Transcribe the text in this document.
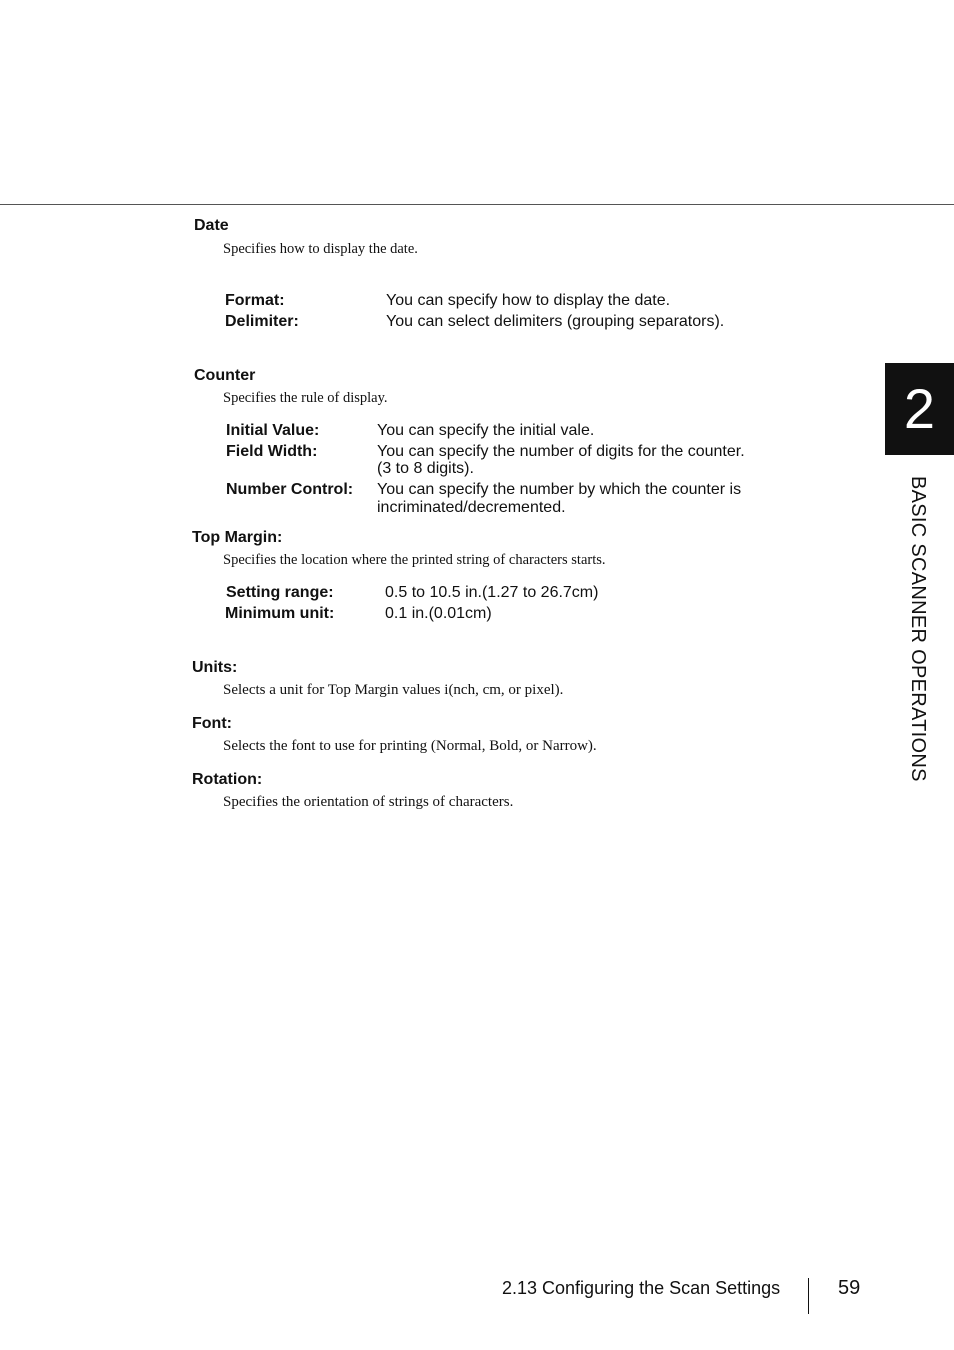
Date

Specifies how to display the date.

Format:	You can specify how to display the date.
Delimiter:	You can select delimiters (grouping separators).
Counter

Specifies the rule of display.

Initial Value:	You can specify the initial vale.
Field Width:	You can specify the number of digits for the counter.
(3 to 8 digits).
Number Control: You can specify the number by which the counter is
incriminated/decremented.
Top Margin:

Specifies the location where the printed string of characters starts.

Setting range:	0.5 to 10.5 in.(1.27 to 26.7cm)
Minimum unit:	0.1 in.(0.01cm)
Units:

Selects a unit for Top Margin values i(nch, cm, or pixel).

Font:

Selects the font to use for printing (Normal, Bold, or Narrow).

Rotation:

Specifies the orientation of strings of characters.

2

BASIC SCANNER OPERATIONS

2.13 Configuring the Scan Settings	59
